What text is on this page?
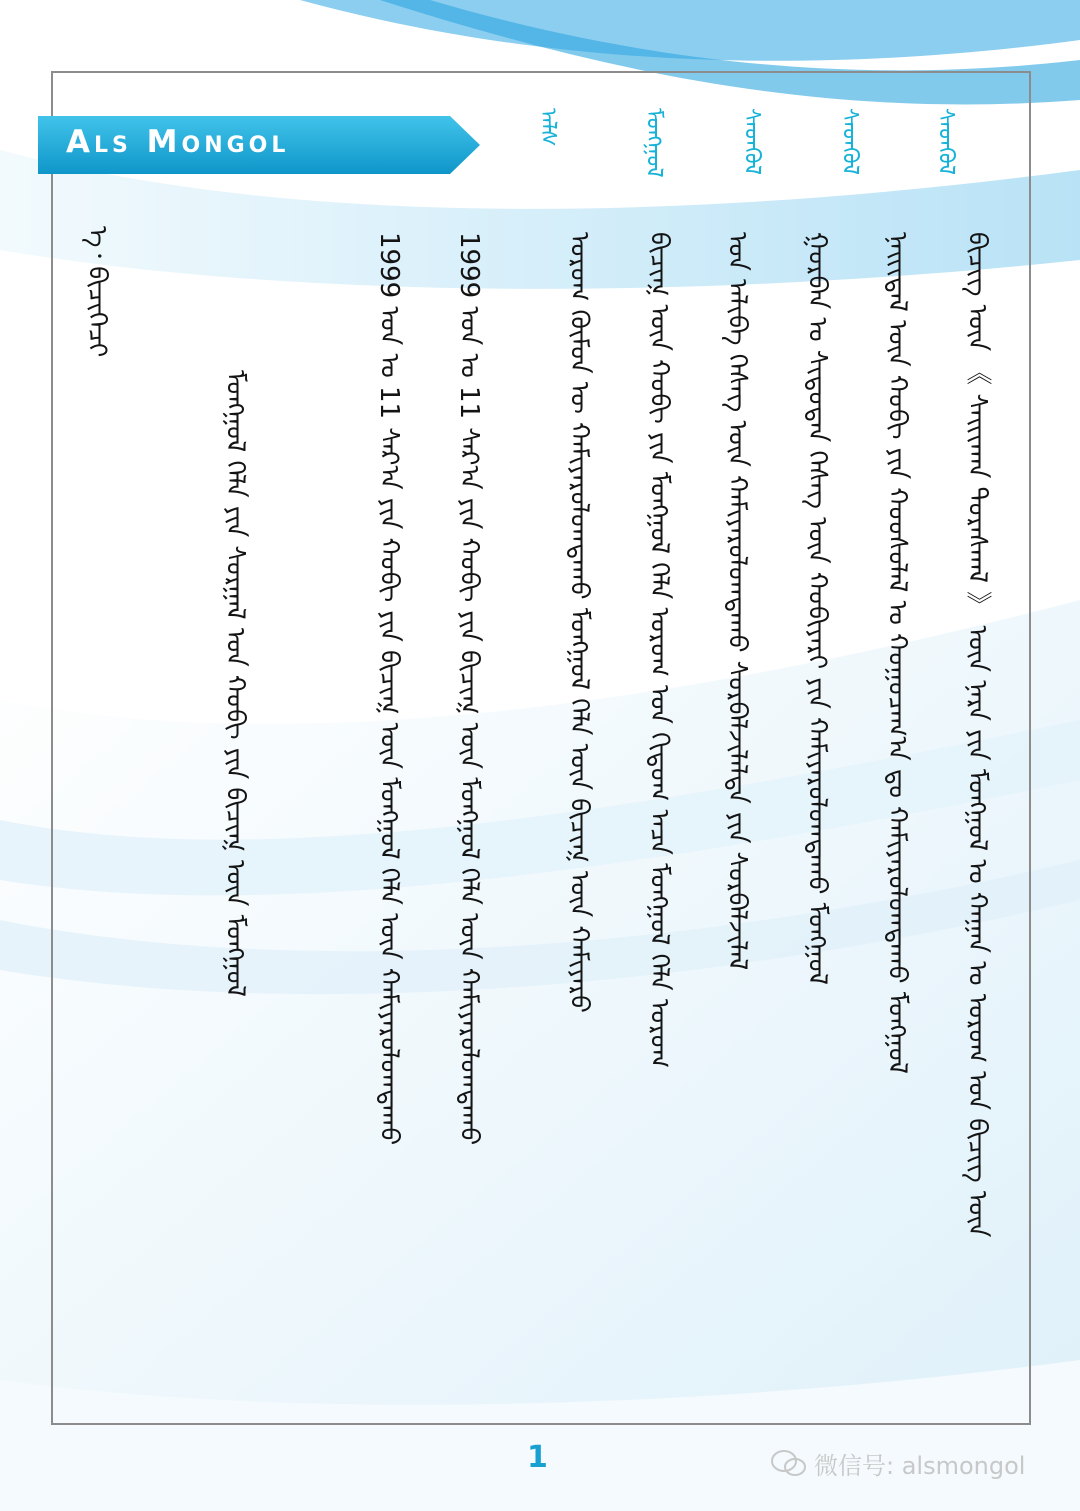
Als Mongol	ᠠᠯᠰ	ᠮᠣᠩᠭᠣᠯ	ᠰᠡᠳᠬᠦᠯ	ᠰᠡᠳᠬᠦᠯ	ᠰᠡᠳᠬᠦᠯ
ᠪᠢᠴᠢᠭ ᠦᠨ 《 ᠰᠠᠢᠢᠬᠠᠨ ᠳᠤᠷᠠᠰᠬᠠᠯ 》 ᠦᠨ ᠨᠡᠷᠡ ᠶᠢᠨ ᠮᠣᠩᠭᠣᠯ ᠤ ᠬᠠᠭᠠᠨ ᠤ ᠤᠷᠤᠭ ᠤᠨ ᠪᠢᠴᠢᠭ ᠦᠨ
ᠨᠡᠢᠢᠳᠡᠯ ᠦᠨ ᠬᠣᠪᠢ ᠶᠢᠨ ᠬᠣᠣᠰᠤᠯᠠᠯ ᠤ ᠬᠤᠭᠤᠴᠠᠭ᠎ᠠ ᠳᠤ ᠬᠠᠮᠢᠶᠠᠷᠤᠯᠤᠭᠳᠠᠬᠤ ᠮᠣᠩᠭᠣᠯ
ᠭᠤᠷᠪᠠᠨ ᠤ ᠰᠢᠳᠦᠳᠡᠨ ᠬᠡᠰᠡᠭ ᠦᠨ ᠬᠤᠪᠢᠶᠠᠷᠢ ᠶᠢᠨ ᠬᠠᠮᠢᠶᠠᠷᠤᠯᠤᠭᠳᠠᠬᠤ ᠮᠣᠩᠭᠣᠯ
ᠤᠨ ᠠᠯᠢᠪᠠ ᠬᠡᠰᠡᠭ ᠦᠨ ᠬᠠᠮᠢᠶᠠᠷᠤᠯᠤᠭᠳᠠᠬᠤ ᠰᠤᠷᠪᠠᠯᠵᠢᠯᠠᠯᠲᠠ ᠶᠢᠨ ᠰᠤᠷᠪᠠᠯᠵᠢᠯᠠᠯ
ᠪᠢᠴᠢᠭ᠍ ᠦᠨ ᠬᠣᠪᠢ ᠶᠢᠨ ᠮᠣᠩᠭᠣᠯ ᠬᠡᠯᠡ ᠤᠷᠤᠭ ᠤᠨ ᠬᠢᠳᠤᠭ ᠠᠴᠠ ᠮᠣᠩᠭᠣᠯ ᠬᠡᠯᠡ ᠤᠷᠤᠭ
ᠤᠷᠤᠭ ᠬᠦᠮᠦᠨ ᠦ ᠬᠠᠮᠢᠶᠠᠷᠤᠯᠤᠭᠳᠠᠬᠤ ᠮᠣᠩᠭᠣᠯ ᠬᠡᠯᠡ ᠦᠨ ᠪᠢᠴᠢᠭ᠍ ᠦᠨ ᠬᠠᠮᠢᠶᠠᠷᠤ
1999 ᠣᠨ ᠤ 11 ᠰᠠᠷ᠎ᠠ ᠶᠢᠨ ᠬᠤᠪᠢ ᠶᠢᠨ ᠪᠢᠴᠢᠭ᠍ ᠦᠨ ᠮᠣᠩᠭᠣᠯ ᠬᠡᠯᠡ ᠦᠨ ᠬᠠᠮᠢᠶᠠᠷᠤᠯᠤᠭᠳᠠᠬᠤ
1999 ᠣᠨ ᠤ 11 ᠰᠠᠷ᠎ᠠ ᠶᠢᠨ ᠬᠤᠪᠢ ᠶᠢᠨ ᠪᠢᠴᠢᠭ᠍ ᠦᠨ ᠮᠣᠩᠭᠣᠯ ᠬᠡᠯᠡ ᠦᠨ ᠬᠠᠮᠢᠶᠠᠷᠤᠯᠤᠭᠳᠠᠬᠤ
ᠮᠣᠩᠭᠣᠯ ᠬᠡᠯᠡ ᠶᠢᠨ ᠰᠤᠷᠭᠠᠯ ᠤᠨ ᠬᠤᠪᠢ ᠶᠢᠨ ᠪᠢᠴᠢᠭ᠍ ᠦᠨ ᠮᠣᠩᠭᠣᠯ
ᠡ᠂ ᠪᠢᠴᠢᠭᠡᠴᠢ
1	微信号: alsmongol
